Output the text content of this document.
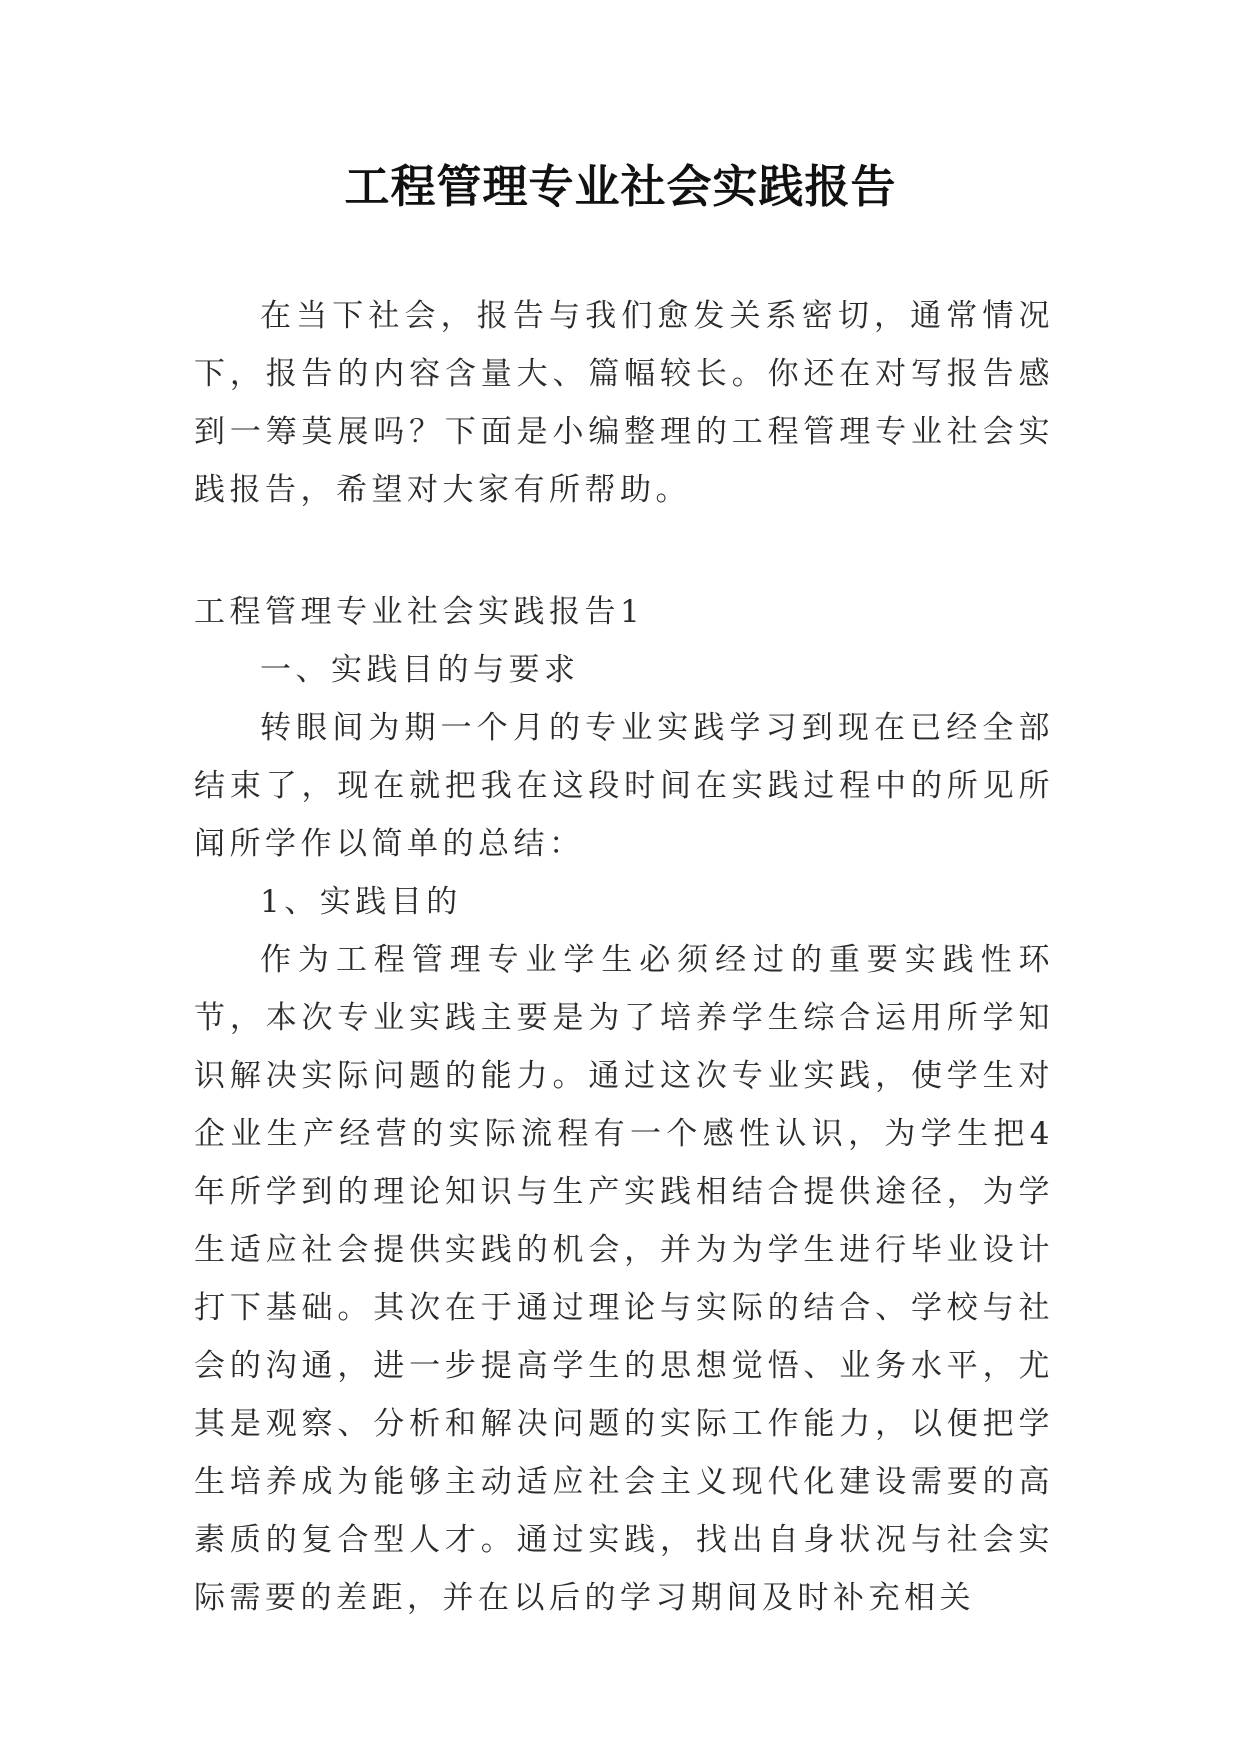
工程管理专业社会实践报告

在当下社会，报告与我们愈发关系密切，通常情况下，报告的内容含量大、篇幅较长。你还在对写报告感到一筹莫展吗？下面是小编整理的工程管理专业社会实践报告，希望对大家有所帮助。

工程管理专业社会实践报告1

一、实践目的与要求

转眼间为期一个月的专业实践学习到现在已经全部结束了，现在就把我在这段时间在实践过程中的所见所闻所学作以简单的总结：

1、实践目的

作为工程管理专业学生必须经过的重要实践性环节，本次专业实践主要是为了培养学生综合运用所学知识解决实际问题的能力。通过这次专业实践，使学生对企业生产经营的实际流程有一个感性认识，为学生把4年所学到的理论知识与生产实践相结合提供途径，为学生适应社会提供实践的机会，并为为学生进行毕业设计打下基础。其次在于通过理论与实际的结合、学校与社会的沟通，进一步提高学生的思想觉悟、业务水平，尤其是观察、分析和解决问题的实际工作能力，以便把学生培养成为能够主动适应社会主义现代化建设需要的高素质的复合型人才。通过实践，找出自身状况与社会实际需要的差距，并在以后的学习期间及时补充相关
